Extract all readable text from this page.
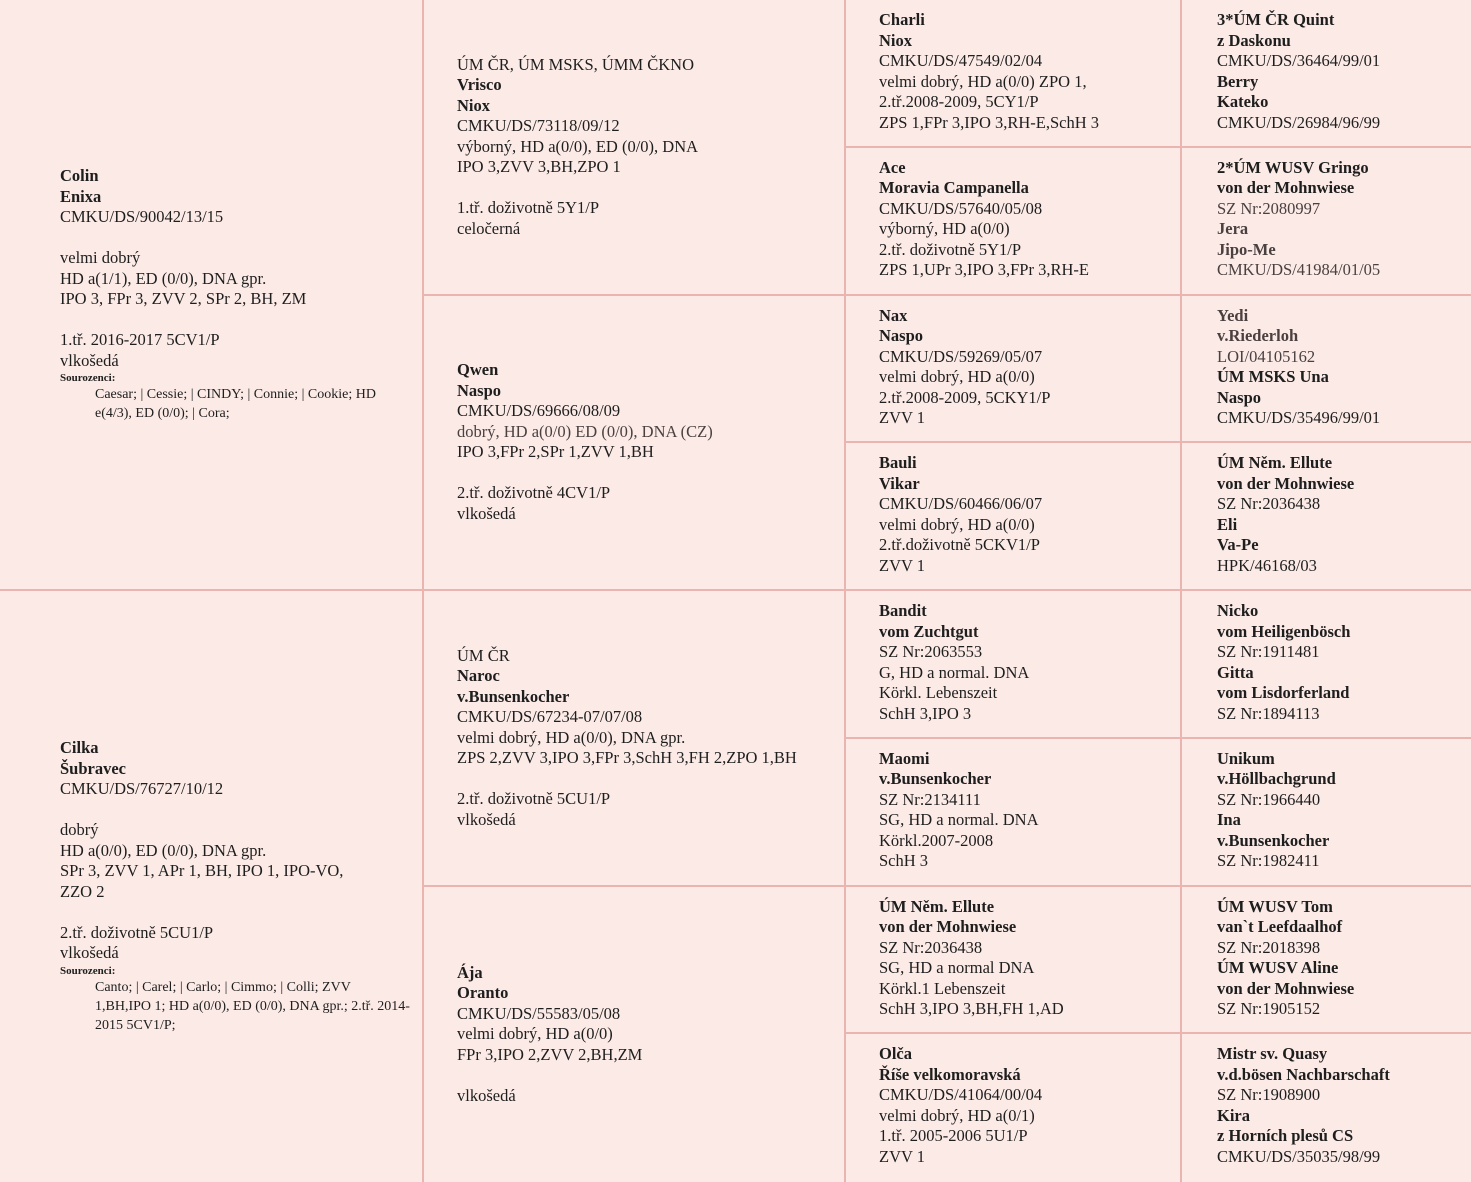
Colin
Enixa
CMKU/DS/90042/13/15
velmi dobrý
HD a(1/1), ED (0/0), DNA gpr.
IPO 3, FPr 3, ZVV 2, SPr 2, BH, ZM
1.tř. 2016-2017 5CV1/P
vlkošedá
Sourozenci:
Caesar; | Cessie; | CINDY; | Connie; | Cookie; HD e(4/3), ED (0/0); | Cora;
Cilka
Šubravec
CMKU/DS/76727/10/12
dobrý
HD a(0/0), ED (0/0), DNA gpr.
SPr 3, ZVV 1, APr 1, BH, IPO 1, IPO-VO,
ZZO 2
2.tř. doživotně 5CU1/P
vlkošedá
Sourozenci:
Canto; | Carel; | Carlo; | Cimmo; | Colli; ZVV 1,BH,IPO 1; HD a(0/0), ED (0/0), DNA gpr.; 2.tř. 2014-2015 5CV1/P;
ÚM ČR, ÚM MSKS, ÚMM ČKNO
Vrisco
Niox
CMKU/DS/73118/09/12
výborný, HD a(0/0), ED (0/0), DNA
IPO 3,ZVV 3,BH,ZPO 1
1.tř. doživotně 5Y1/P
celočerná
Qwen
Naspo
CMKU/DS/69666/08/09
dobrý, HD a(0/0) ED (0/0), DNA (CZ)
IPO 3,FPr 2,SPr 1,ZVV 1,BH
2.tř. doživotně 4CV1/P
vlkošedá
ÚM ČR
Naroc
v.Bunsenkocher
CMKU/DS/67234-07/07/08
velmi dobrý, HD a(0/0), DNA gpr.
ZPS 2,ZVV 3,IPO 3,FPr 3,SchH 3,FH 2,ZPO 1,BH
2.tř. doživotně 5CU1/P
vlkošedá
Ája
Oranto
CMKU/DS/55583/05/08
velmi dobrý, HD a(0/0)
FPr 3,IPO 2,ZVV 2,BH,ZM
vlkošedá
Charli
Niox
CMKU/DS/47549/02/04
velmi dobrý, HD a(0/0) ZPO 1,
2.tř.2008-2009, 5CY1/P
ZPS 1,FPr 3,IPO 3,RH-E,SchH 3
Ace
Moravia Campanella
CMKU/DS/57640/05/08
výborný, HD a(0/0)
2.tř. doživotně 5Y1/P
ZPS 1,UPr 3,IPO 3,FPr 3,RH-E
Nax
Naspo
CMKU/DS/59269/05/07
velmi dobrý, HD a(0/0)
2.tř.2008-2009, 5CKY1/P
ZVV 1
Bauli
Vikar
CMKU/DS/60466/06/07
velmi dobrý, HD a(0/0)
2.tř.doživotně 5CKV1/P
ZVV 1
Bandit
vom Zuchtgut
SZ Nr:2063553
G, HD a normal. DNA
Körkl. Lebenszeit
SchH 3,IPO 3
Maomi
v.Bunsenkocher
SZ Nr:2134111
SG, HD a normal. DNA
Körkl.2007-2008
SchH 3
ÚM Něm. Ellute
von der Mohnwiese
SZ Nr:2036438
SG, HD a normal DNA
Körkl.1 Lebenszeit
SchH 3,IPO 3,BH,FH 1,AD
Olča
Říše velkomoravská
CMKU/DS/41064/00/04
velmi dobrý, HD a(0/1)
1.tř. 2005-2006 5U1/P
ZVV 1
3*ÚM ČR Quint
z Daskonu
CMKU/DS/36464/99/01
Berry
Kateko
CMKU/DS/26984/96/99
2*ÚM WUSV Gringo
von der Mohnwiese
SZ Nr:2080997
Jera
Jipo-Me
CMKU/DS/41984/01/05
Yedi
v.Riederloh
LOI/04105162
ÚM MSKS Una
Naspo
CMKU/DS/35496/99/01
ÚM Něm. Ellute
von der Mohnwiese
SZ Nr:2036438
Eli
Va-Pe
HPK/46168/03
Nicko
vom Heiligenbösch
SZ Nr:1911481
Gitta
vom Lisdorferland
SZ Nr:1894113
Unikum
v.Höllbachgrund
SZ Nr:1966440
Ina
v.Bunsenkocher
SZ Nr:1982411
ÚM WUSV Tom
van`t Leefdaalhof
SZ Nr:2018398
ÚM WUSV Aline
von der Mohnwiese
SZ Nr:1905152
Mistr sv. Quasy
v.d.bösen Nachbarschaft
SZ Nr:1908900
Kira
z Horních plesů CS
CMKU/DS/35035/98/99
